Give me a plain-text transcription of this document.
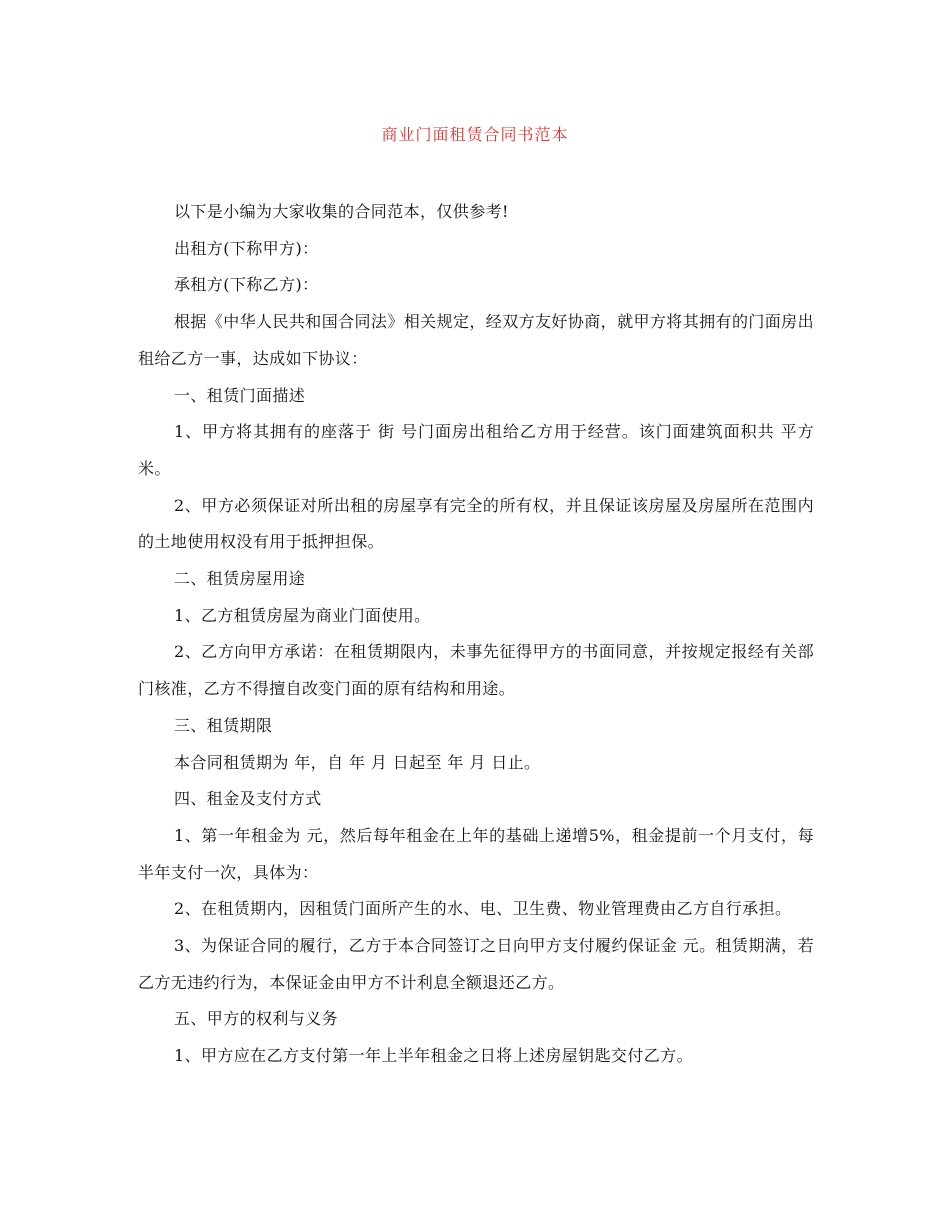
商业门面租赁合同书范本

以下是小编为大家收集的合同范本，仅供参考!

出租方(下称甲方)：

承租方(下称乙方)：

根据《中华人民共和国合同法》相关规定，经双方友好协商，就甲方将其拥有的门面房出租给乙方一事，达成如下协议：

一、租赁门面描述

1、甲方将其拥有的座落于 街 号门面房出租给乙方用于经营。该门面建筑面积共 平方米。

2、甲方必须保证对所出租的房屋享有完全的所有权，并且保证该房屋及房屋所在范围内的土地使用权没有用于抵押担保。

二、租赁房屋用途

1、乙方租赁房屋为商业门面使用。

2、乙方向甲方承诺：在租赁期限内，未事先征得甲方的书面同意，并按规定报经有关部门核准，乙方不得擅自改变门面的原有结构和用途。

三、租赁期限

本合同租赁期为 年，自 年 月 日起至 年 月 日止。

四、租金及支付方式

1、第一年租金为 元，然后每年租金在上年的基础上递增5%，租金提前一个月支付，每半年支付一次，具体为：

2、在租赁期内，因租赁门面所产生的水、电、卫生费、物业管理费由乙方自行承担。

3、为保证合同的履行，乙方于本合同签订之日向甲方支付履约保证金 元。租赁期满，若乙方无违约行为，本保证金由甲方不计利息全额退还乙方。

五、甲方的权利与义务

1、甲方应在乙方支付第一年上半年租金之日将上述房屋钥匙交付乙方。
